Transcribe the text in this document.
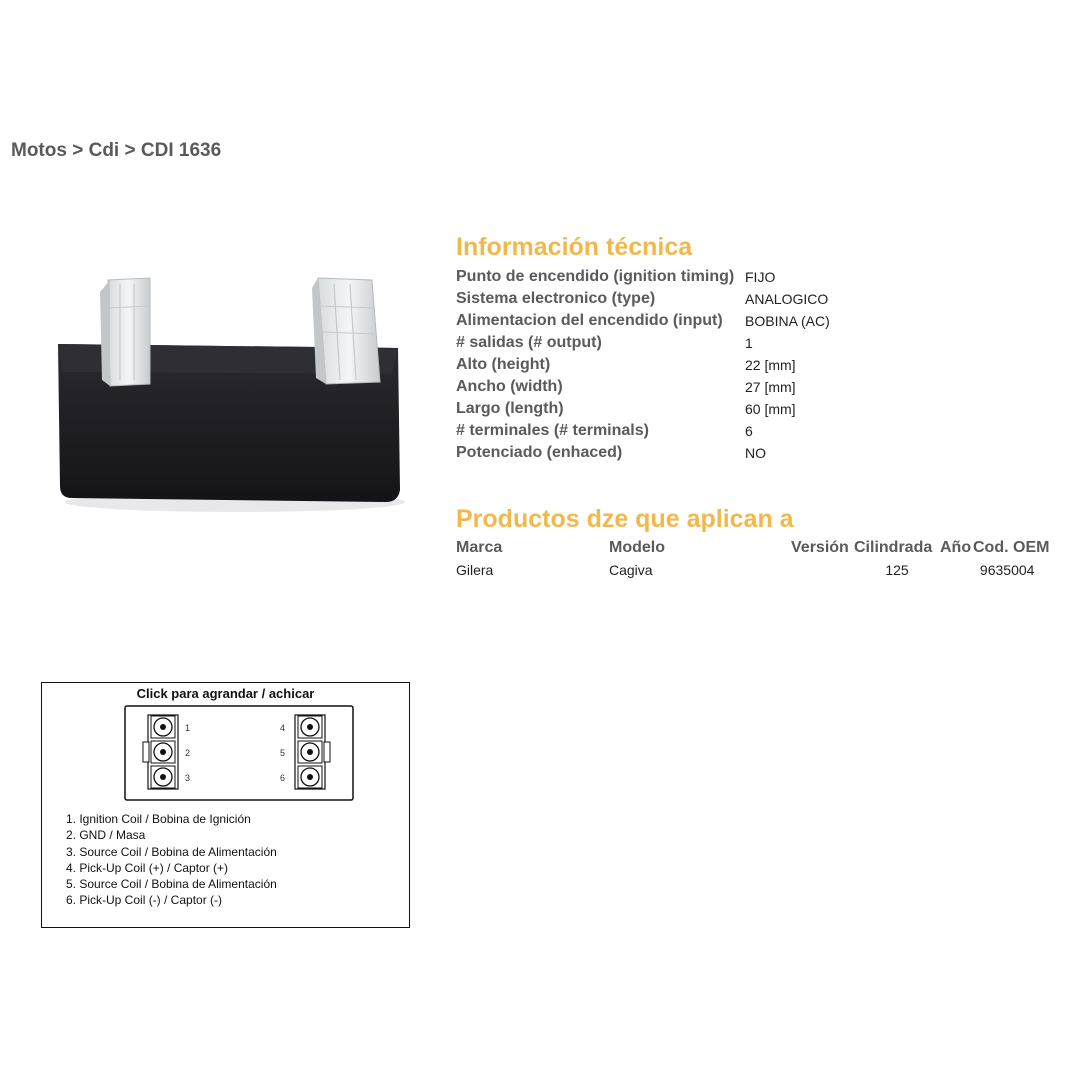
Motos > Cdi > CDI 1636
Información técnica
Punto de encendido (ignition timing)	FIJO
Sistema electronico (type)	ANALOGICO
Alimentacion del encendido (input)	BOBINA (AC)
# salidas (# output)	1
Alto (height)	22 [mm]
Ancho (width)	27 [mm]
Largo (length)	60 [mm]
# terminales (# terminals)	6
Potenciado (enhaced)	NO
Productos dze que aplican a
Marca	Modelo	Versión	Cilindrada	Año	Cod. OEM
Gilera	Cagiva		125		9635004
Click para agrandar / achicar
1
2
3
4
5
6
1. Ignition Coil / Bobina de Ignición
2. GND / Masa
3. Source Coil / Bobina de Alimentación
4. Pick-Up Coil (+) / Captor (+)
5. Source Coil / Bobina de Alimentación
6. Pick-Up Coil (-) / Captor (-)
